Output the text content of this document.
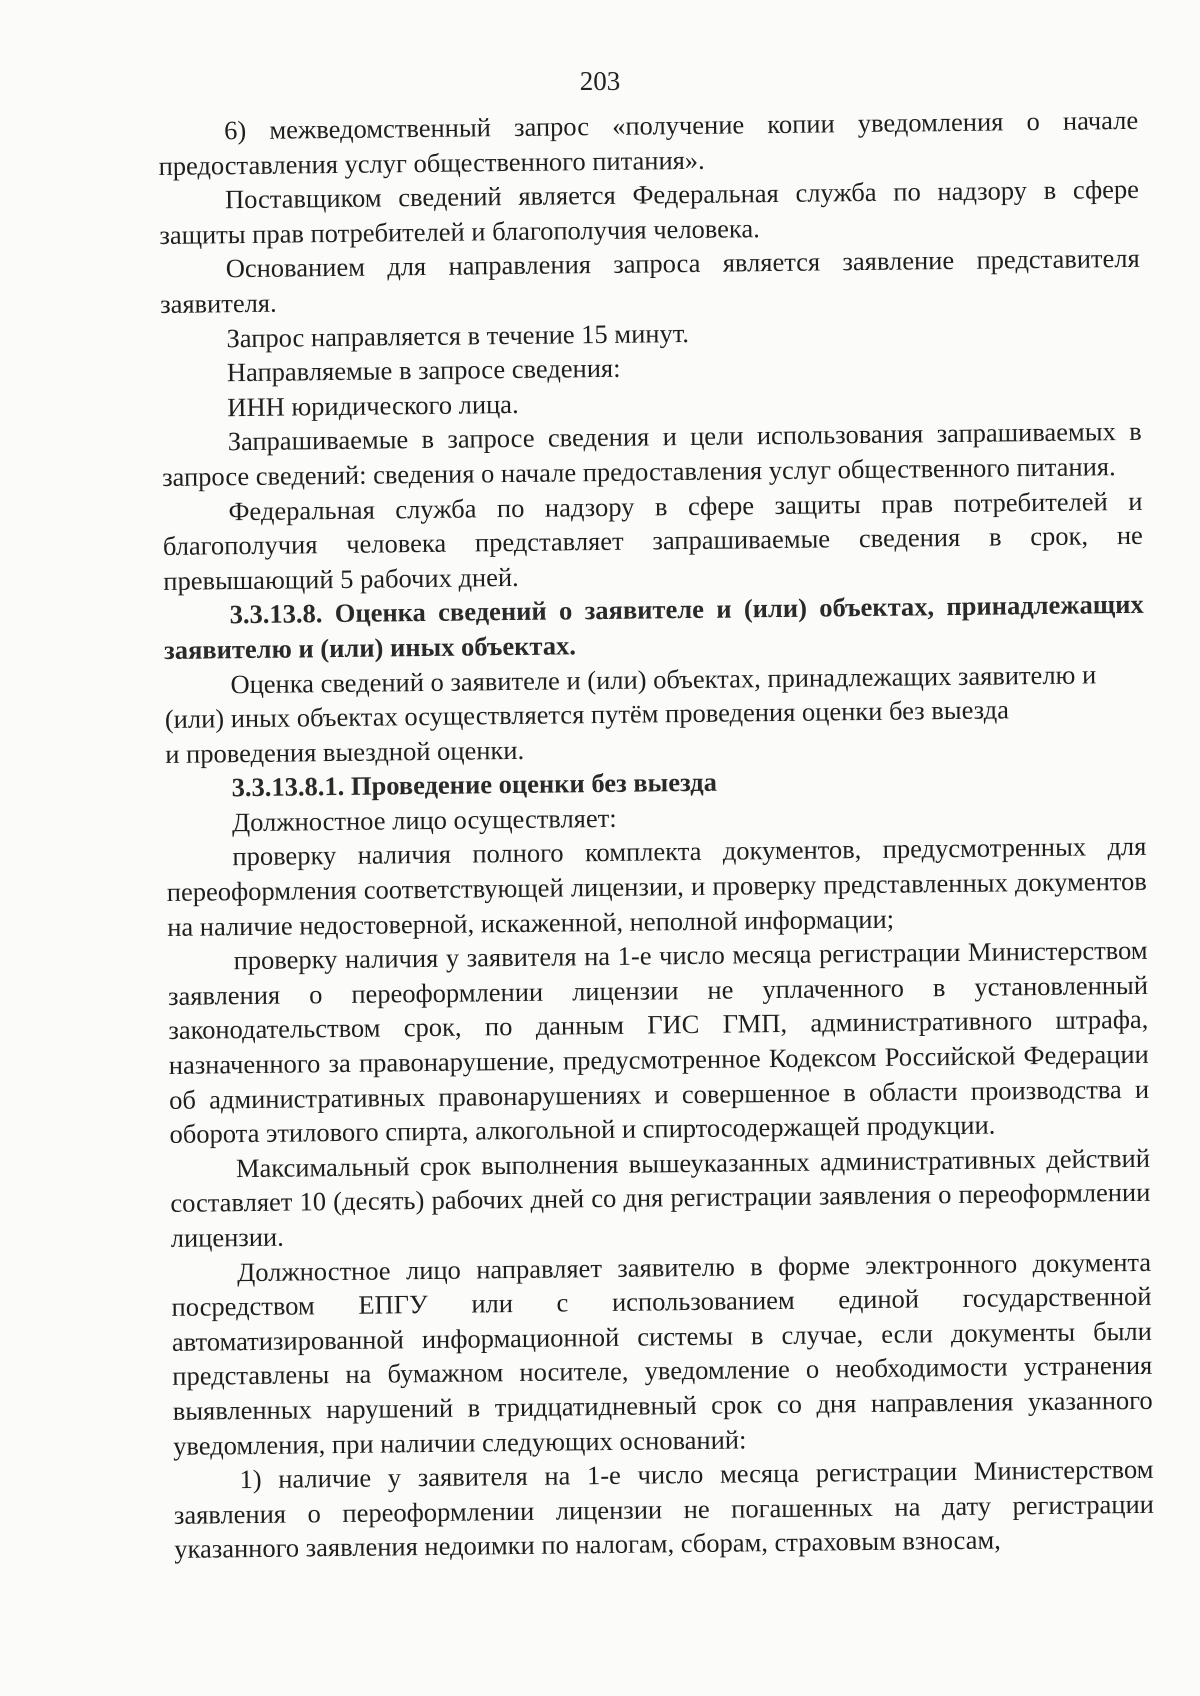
203

6) межведомственный запрос «получение копии уведомления о начале предоставления услуг общественного питания».

Поставщиком сведений является Федеральная служба по надзору в сфере защиты прав потребителей и благополучия человека.

Основанием для направления запроса является заявление представителя заявителя.

Запрос направляется в течение 15 минут.

Направляемые в запросе сведения:

ИНН юридического лица.

Запрашиваемые в запросе сведения и цели использования запрашиваемых в запросе сведений: сведения о начале предоставления услуг общественного питания.

Федеральная служба по надзору в сфере защиты прав потребителей и благополучия человека представляет запрашиваемые сведения в срок, не превышающий 5 рабочих дней.

3.3.13.8. Оценка сведений о заявителе и (или) объектах, принадлежащих заявителю и (или) иных объектах.

Оценка сведений о заявителе и (или) объектах, принадлежащих заявителю и (или) иных объектах осуществляется путём проведения оценки без выезда

и проведения выездной оценки.

3.3.13.8.1. Проведение оценки без выезда

Должностное лицо осуществляет:

проверку наличия полного комплекта документов, предусмотренных для переоформления соответствующей лицензии, и проверку представленных документов на наличие недостоверной, искаженной, неполной информации;

проверку наличия у заявителя на 1-е число месяца регистрации Министерством заявления о переоформлении лицензии не уплаченного в установленный законодательством срок, по данным ГИС ГМП, административного штрафа, назначенного за правонарушение, предусмотренное Кодексом Российской Федерации об административных правонарушениях и совершенное в области производства и оборота этилового спирта, алкогольной и спиртосодержащей продукции.

Максимальный срок выполнения вышеуказанных административных действий составляет 10 (десять) рабочих дней со дня регистрации заявления о переоформлении лицензии.

Должностное лицо направляет заявителю в форме электронного документа посредством ЕПГУ или с использованием единой государственной автоматизированной информационной системы в случае, если документы были представлены на бумажном носителе, уведомление о необходимости устранения выявленных нарушений в тридцатидневный срок со дня направления указанного уведомления, при наличии следующих оснований:

1) наличие у заявителя на 1-е число месяца регистрации Министерством заявления о переоформлении лицензии не погашенных на дату регистрации указанного заявления недоимки по налогам, сборам, страховым взносам,
